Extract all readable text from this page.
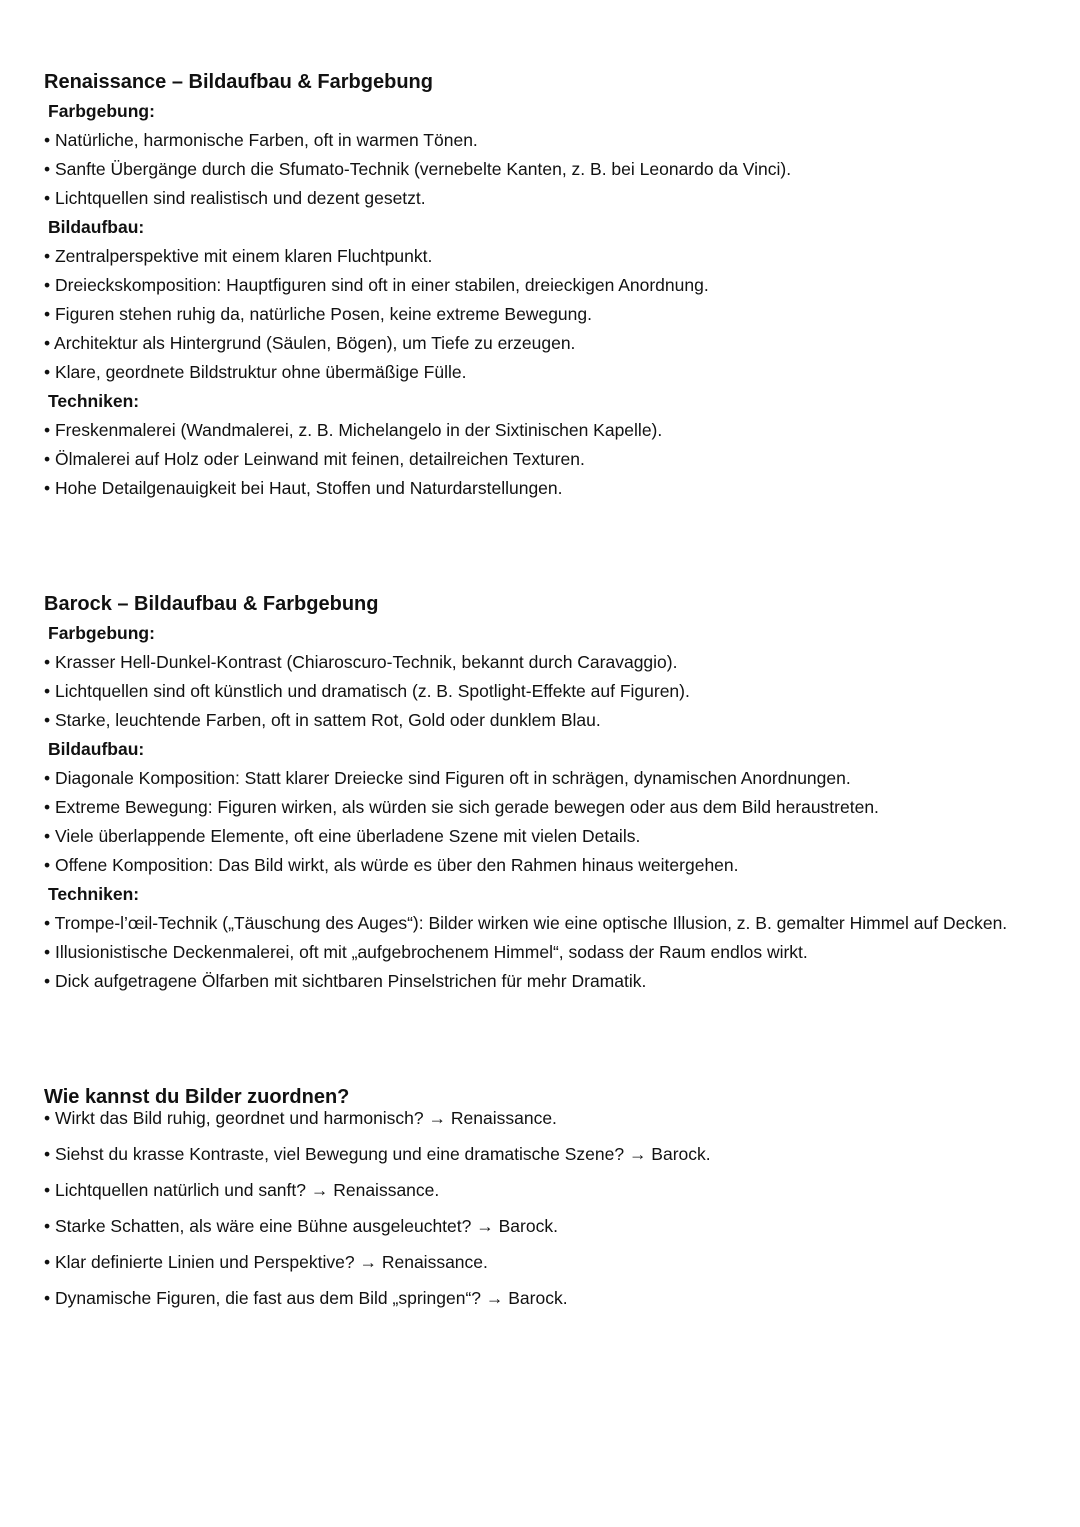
Renaissance – Bildaufbau & Farbgebung
Farbgebung:
• Natürliche, harmonische Farben, oft in warmen Tönen.
• Sanfte Übergänge durch die Sfumato-Technik (vernebelte Kanten, z. B. bei Leonardo da Vinci).
• Lichtquellen sind realistisch und dezent gesetzt.
Bildaufbau:
• Zentralperspektive mit einem klaren Fluchtpunkt.
• Dreieckskomposition: Hauptfiguren sind oft in einer stabilen, dreieckigen Anordnung.
• Figuren stehen ruhig da, natürliche Posen, keine extreme Bewegung.
• Architektur als Hintergrund (Säulen, Bögen), um Tiefe zu erzeugen.
• Klare, geordnete Bildstruktur ohne übermäßige Fülle.
Techniken:
• Freskenmalerei (Wandmalerei, z. B. Michelangelo in der Sixtinischen Kapelle).
• Ölmalerei auf Holz oder Leinwand mit feinen, detailreichen Texturen.
• Hohe Detailgenauigkeit bei Haut, Stoffen und Naturdarstellungen.
Barock – Bildaufbau & Farbgebung
Farbgebung:
• Krasser Hell-Dunkel-Kontrast (Chiaroscuro-Technik, bekannt durch Caravaggio).
• Lichtquellen sind oft künstlich und dramatisch (z. B. Spotlight-Effekte auf Figuren).
• Starke, leuchtende Farben, oft in sattem Rot, Gold oder dunklem Blau.
Bildaufbau:
• Diagonale Komposition: Statt klarer Dreiecke sind Figuren oft in schrägen, dynamischen Anordnungen.
• Extreme Bewegung: Figuren wirken, als würden sie sich gerade bewegen oder aus dem Bild heraustreten.
• Viele überlappende Elemente, oft eine überladene Szene mit vielen Details.
• Offene Komposition: Das Bild wirkt, als würde es über den Rahmen hinaus weitergehen.
Techniken:
• Trompe-l’œil-Technik („Täuschung des Auges“): Bilder wirken wie eine optische Illusion, z. B. gemalter Himmel auf Decken.
• Illusionistische Deckenmalerei, oft mit „aufgebrochenem Himmel“, sodass der Raum endlos wirkt.
• Dick aufgetragene Ölfarben mit sichtbaren Pinselstrichen für mehr Dramatik.
Wie kannst du Bilder zuordnen?
• Wirkt das Bild ruhig, geordnet und harmonisch? → Renaissance.
• Siehst du krasse Kontraste, viel Bewegung und eine dramatische Szene? → Barock.
• Lichtquellen natürlich und sanft? → Renaissance.
• Starke Schatten, als wäre eine Bühne ausgeleuchtet? → Barock.
• Klar definierte Linien und Perspektive? → Renaissance.
• Dynamische Figuren, die fast aus dem Bild „springen“? → Barock.
